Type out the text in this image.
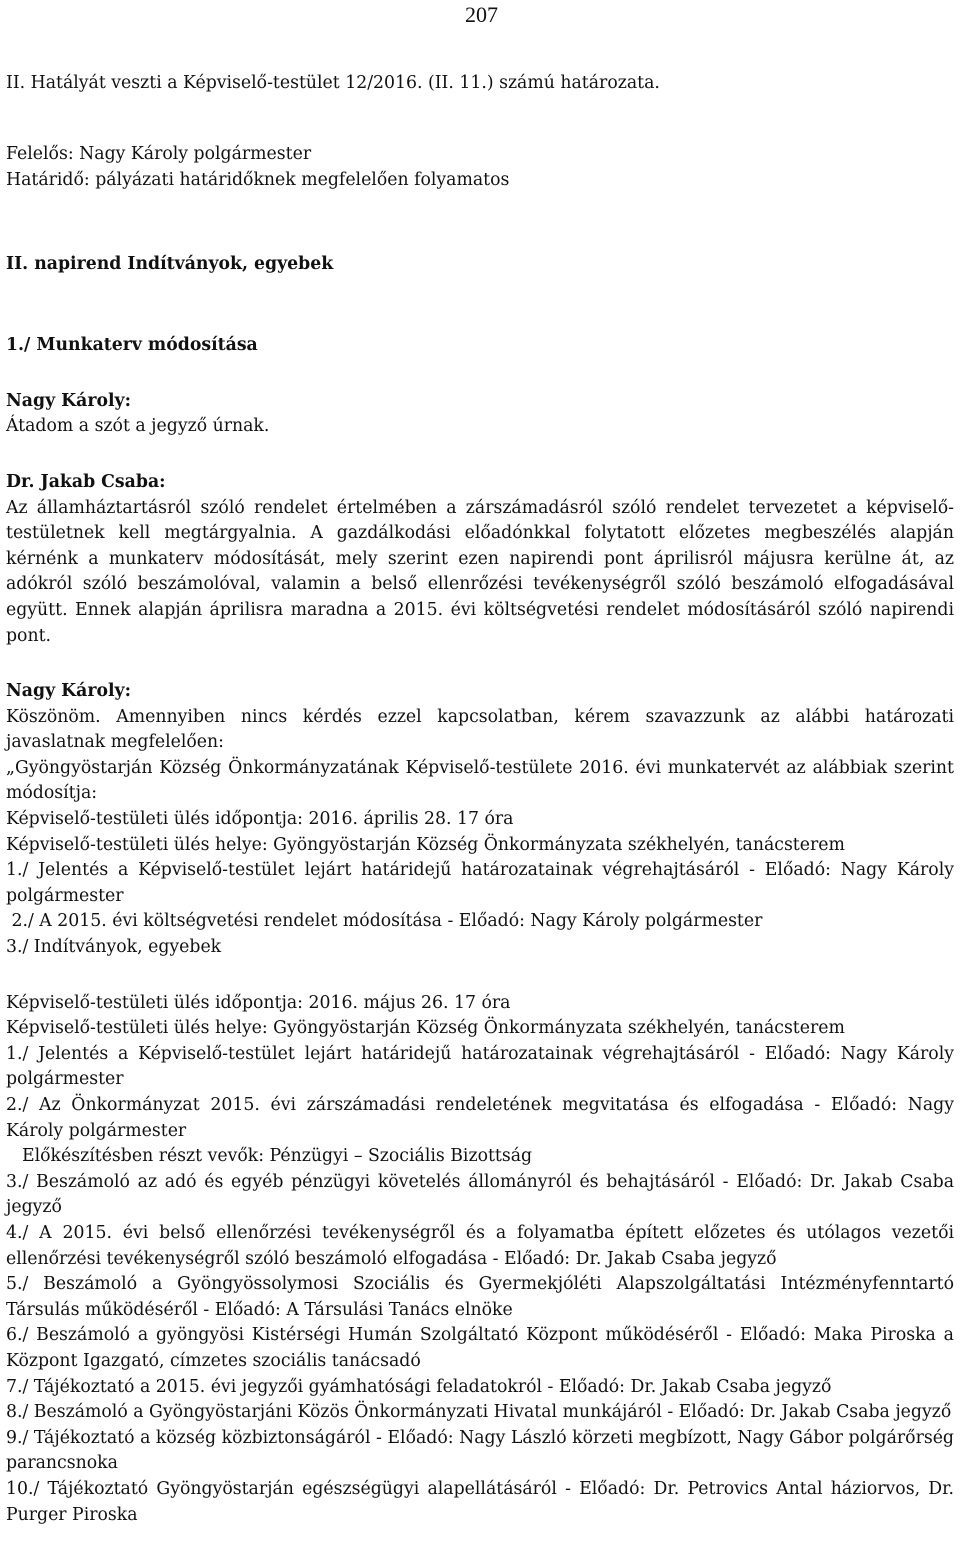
207

II. Hatályát veszti a Képviselő-testület 12/2016. (II. 11.) számú határozata.

Felelős: Nagy Károly polgármester

Határidő: pályázati határidőknek megfelelően folyamatos

II. napirend Indítványok, egyebek

1./ Munkaterv módosítása

Nagy Károly:

Átadom a szót a jegyző úrnak.

Dr. Jakab Csaba:

Az államháztartásról szóló rendelet értelmében a zárszámadásról szóló rendelet tervezetet a képviselő-testületnek kell megtárgyalnia. A gazdálkodási előadónkkal folytatott előzetes megbeszélés alapján kérnénk a munkaterv módosítását, mely szerint ezen napirendi pont áprilisról májusra kerülne át, az adókról szóló beszámolóval, valamin a belső ellenrőzési tevékenységről szóló beszámoló elfogadásával együtt. Ennek alapján áprilisra maradna a 2015. évi költségvetési rendelet módosításáról szóló napirendi pont.

Nagy Károly:

Köszönöm. Amennyiben nincs kérdés ezzel kapcsolatban, kérem szavazzunk az alábbi határozati javaslatnak megfelelően:

„Gyöngyöstarján Község Önkormányzatának Képviselő-testülete 2016. évi munkatervét az alábbiak szerint módosítja:

Képviselő-testületi ülés időpontja: 2016. április 28. 17 óra

Képviselő-testületi ülés helye: Gyöngyöstarján Község Önkormányzata székhelyén, tanácsterem

1./ Jelentés a Képviselő-testület lejárt határidejű határozatainak végrehajtásáról - Előadó: Nagy Károly polgármester

2./ A 2015. évi költségvetési rendelet módosítása - Előadó: Nagy Károly polgármester

3./ Indítványok, egyebek

Képviselő-testületi ülés időpontja: 2016. május 26. 17 óra

Képviselő-testületi ülés helye: Gyöngyöstarján Község Önkormányzata székhelyén, tanácsterem

1./ Jelentés a Képviselő-testület lejárt határidejű határozatainak végrehajtásáról - Előadó: Nagy Károly polgármester

2./ Az Önkormányzat 2015. évi zárszámadási rendeletének megvitatása és elfogadása - Előadó: Nagy Károly polgármester

Előkészítésben részt vevők: Pénzügyi – Szociális Bizottság

3./ Beszámoló az adó és egyéb pénzügyi követelés állományról és behajtásáról - Előadó: Dr. Jakab Csaba jegyző

4./ A 2015. évi belső ellenőrzési tevékenységről és a folyamatba épített előzetes és utólagos vezetői ellenőrzési tevékenységről szóló beszámoló elfogadása - Előadó: Dr. Jakab Csaba jegyző

5./ Beszámoló a Gyöngyössolymosi Szociális és Gyermekjóléti Alapszolgáltatási Intézményfenntartó Társulás működéséről - Előadó: A Társulási Tanács elnöke

6./ Beszámoló a gyöngyösi Kistérségi Humán Szolgáltató Központ működéséről - Előadó: Maka Piroska a Központ Igazgató, címzetes szociális tanácsadó

7./ Tájékoztató a 2015. évi jegyzői gyámhatósági feladatokról - Előadó: Dr. Jakab Csaba jegyző

8./ Beszámoló a Gyöngyöstarjáni Közös Önkormányzati Hivatal munkájáról - Előadó: Dr. Jakab Csaba jegyző

9./ Tájékoztató a község közbiztonságáról - Előadó: Nagy László körzeti megbízott, Nagy Gábor polgárőrség parancsnoka

10./ Tájékoztató Gyöngyöstarján egészségügyi alapellátásáról - Előadó: Dr. Petrovics Antal háziorvos, Dr. Purger Piroska
